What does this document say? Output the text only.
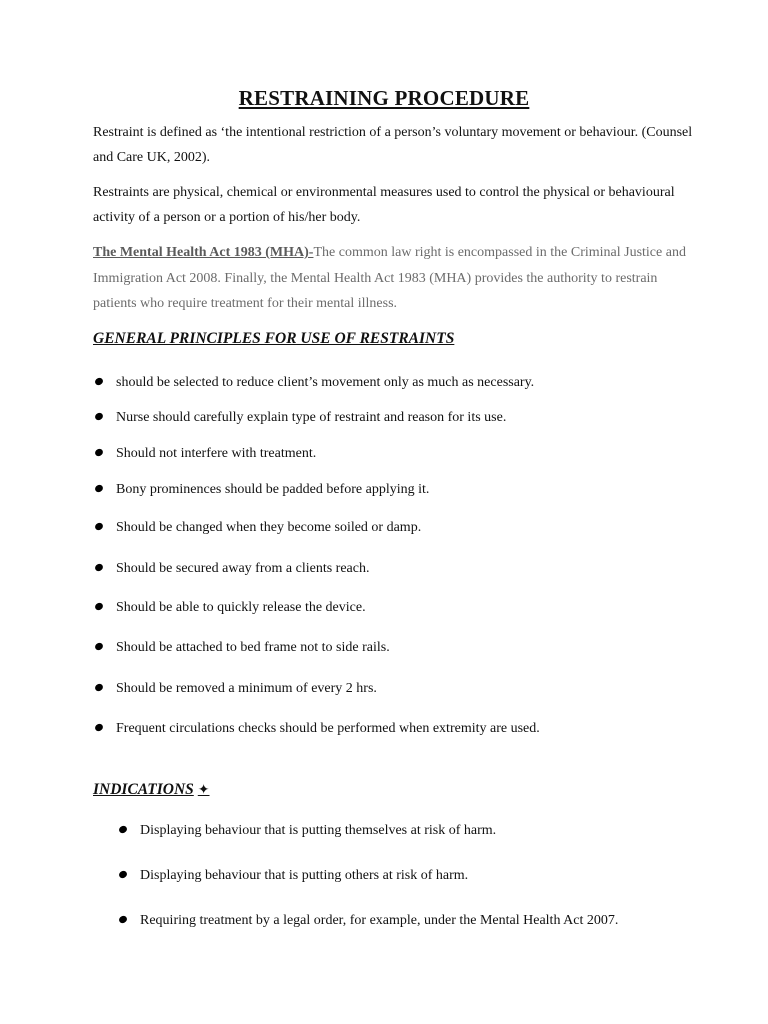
RESTRAINING PROCEDURE
Restraint is defined as ‘the intentional restriction of a person’s voluntary movement or behaviour. (Counsel and Care UK, 2002).
Restraints are physical, chemical or environmental measures used to control the physical or behavioural activity of a person or a portion of his/her body.
The Mental Health Act 1983 (MHA)-The common law right is encompassed in the Criminal Justice and Immigration Act 2008. Finally, the Mental Health Act 1983 (MHA) provides the authority to restrain patients who require treatment for their mental illness.
GENERAL PRINCIPLES FOR USE OF RESTRAINTS
should be selected to reduce client’s movement only as much as necessary.
Nurse should carefully explain type of restraint and reason for its use.
Should not interfere with treatment.
Bony prominences should be padded before applying it.
Should be changed when they become soiled or damp.
Should be secured away from a clients reach.
Should be able to quickly release the device.
Should be attached to bed frame not to side rails.
Should be removed a minimum of every 2 hrs.
Frequent circulations checks should be performed when extremity are used.
INDICATIONS ✦
Displaying behaviour that is putting themselves at risk of harm.
Displaying behaviour that is putting others at risk of harm.
Requiring treatment by a legal order, for example, under the Mental Health Act 2007.
